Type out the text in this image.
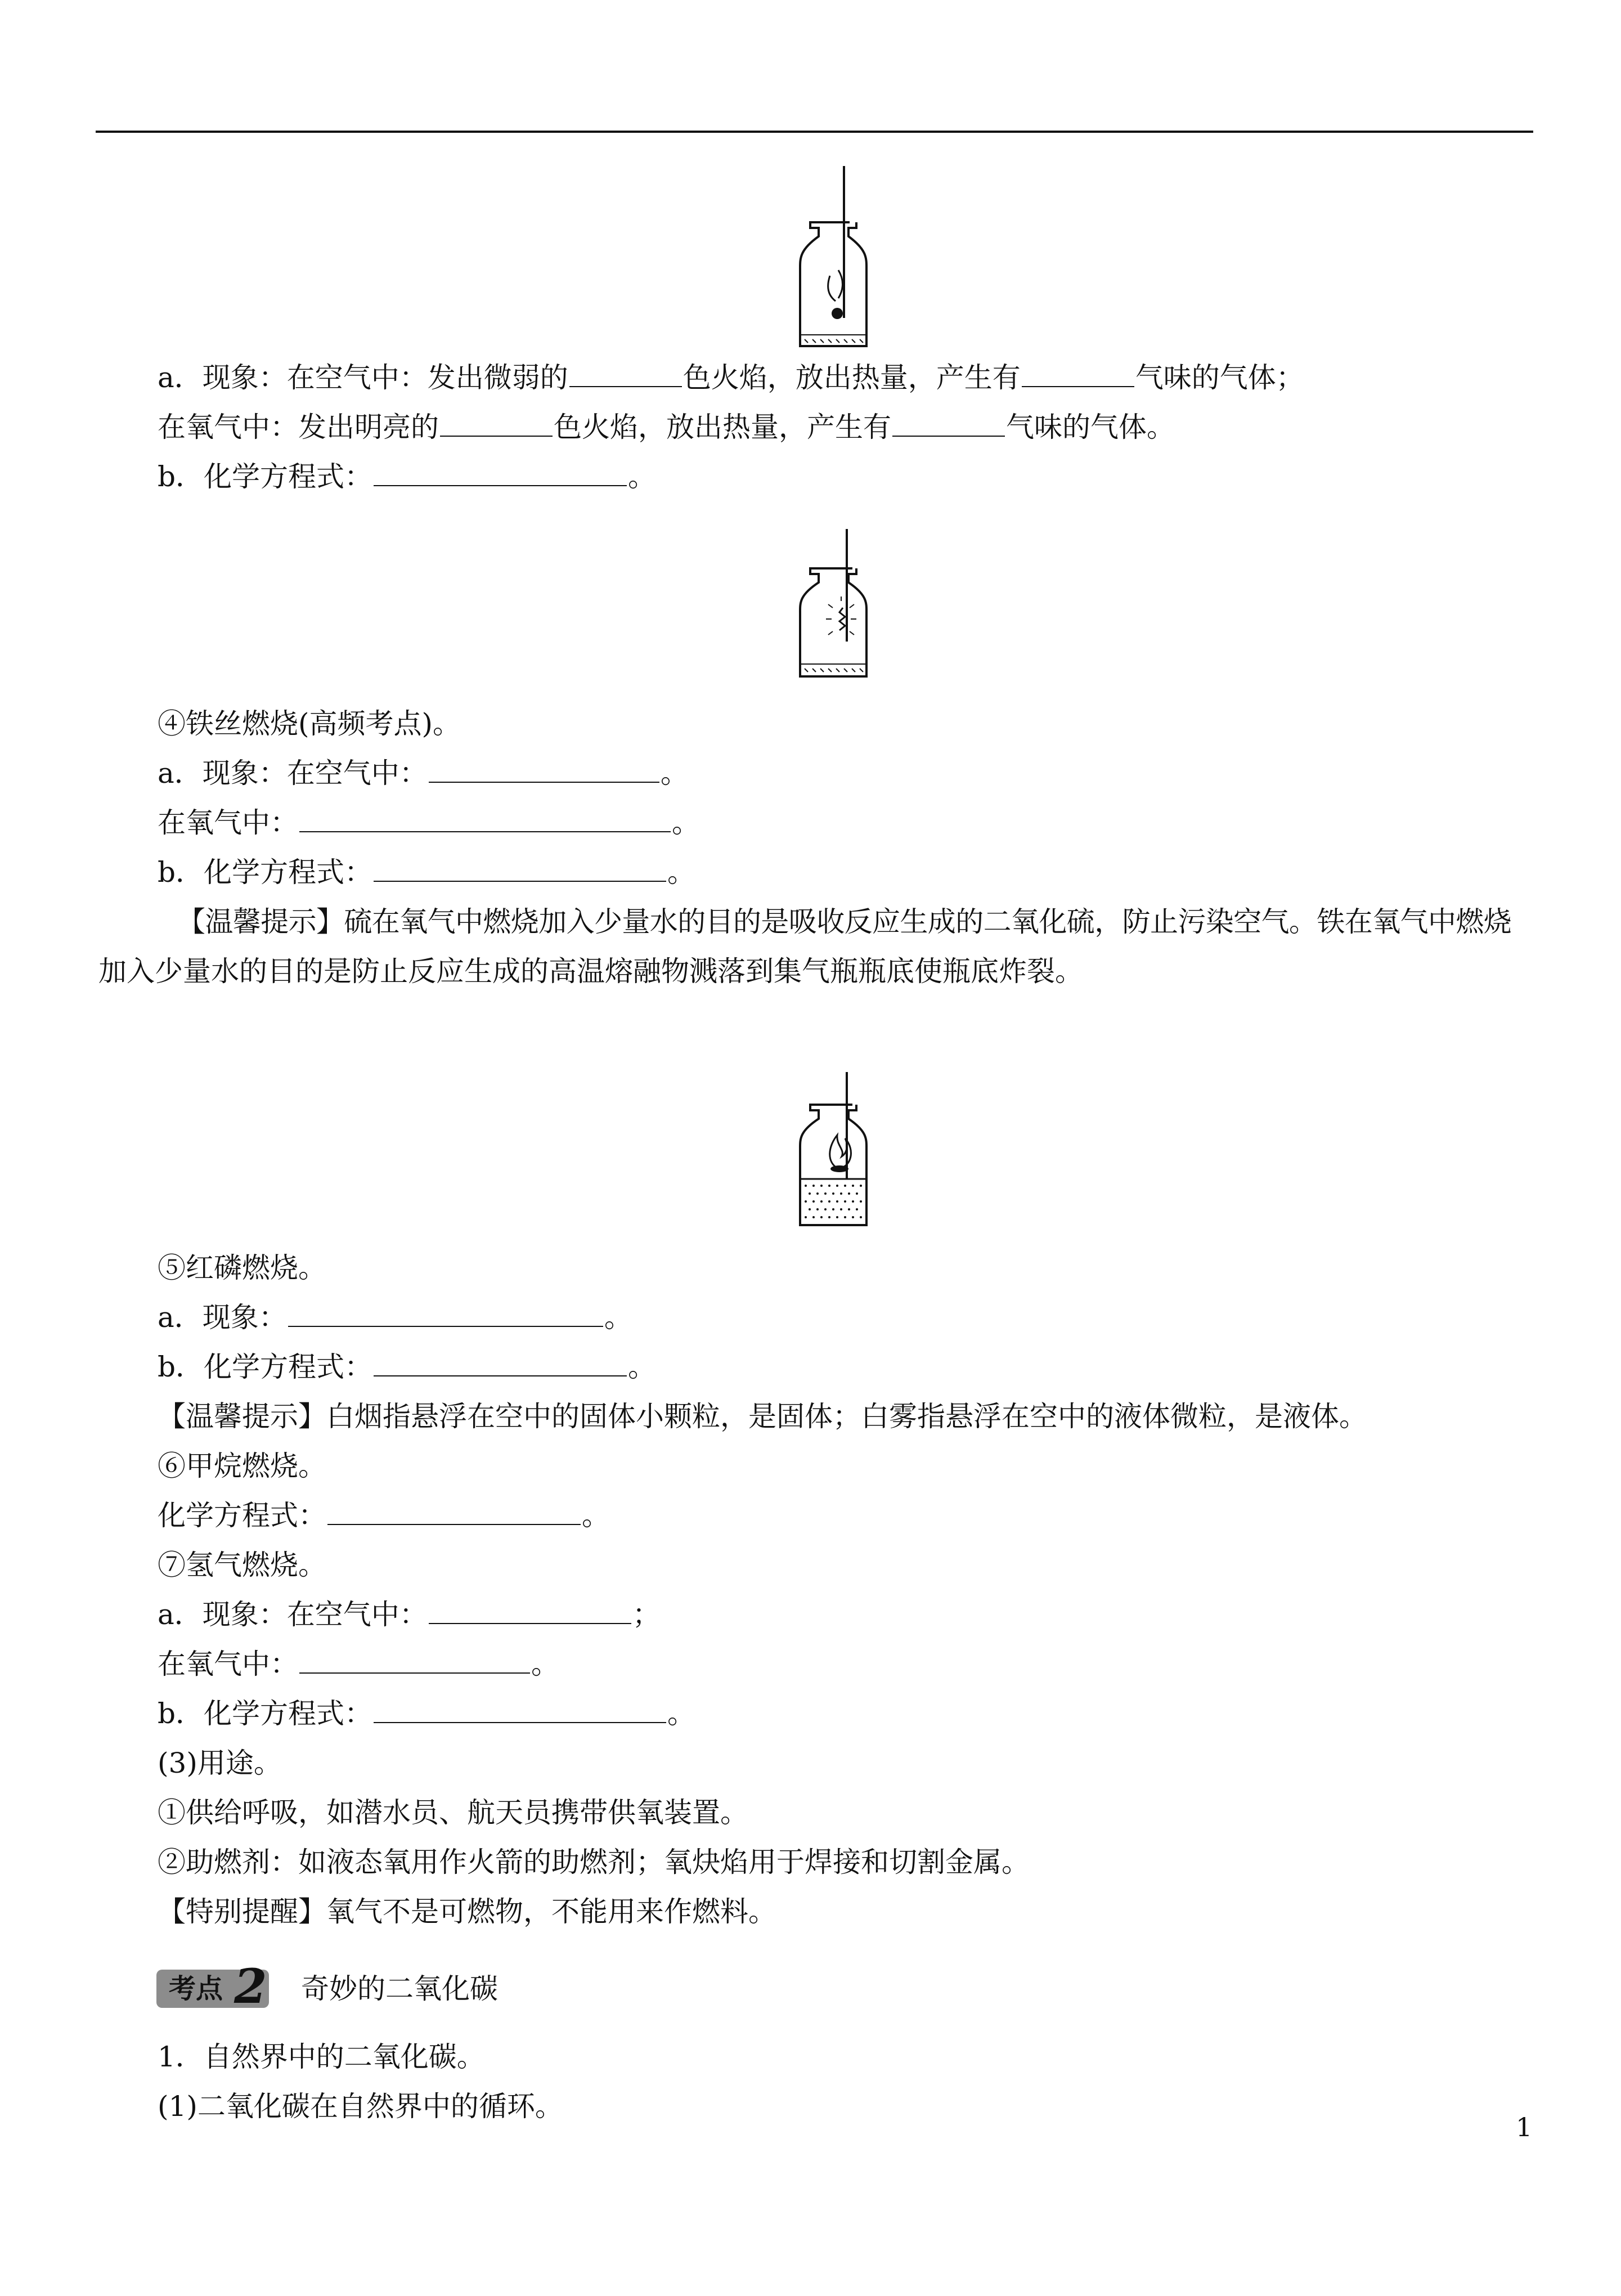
a．现象：在空气中：发出微弱的	色火焰，放出热量，产生有	气味的气体；
在氧气中：发出明亮的	色火焰，放出热量，产生有	气味的气体。
b．化学方程式：	。
④铁丝燃烧(高频考点)。
a．现象：在空气中：	。
在氧气中：	。
b．化学方程式：	。
【温馨提示】硫在氧气中燃烧加入少量水的目的是吸收反应生成的二氧化硫，防止污染空气。铁在氧气中燃烧
加入少量水的目的是防止反应生成的高温熔融物溅落到集气瓶瓶底使瓶底炸裂。
⑤红磷燃烧。
a．现象：	。
b．化学方程式：	。
【温馨提示】白烟指悬浮在空中的固体小颗粒，是固体；白雾指悬浮在空中的液体微粒，是液体。
⑥甲烷燃烧。
化学方程式：	。
⑦氢气燃烧。
a．现象：在空气中：	；
在氧气中：	。
b．化学方程式：	。
(3)用途。
①供给呼吸，如潜水员、航天员携带供氧装置。
②助燃剂：如液态氧用作火箭的助燃剂；氧炔焰用于焊接和切割金属。
【特别提醒】氧气不是可燃物，不能用来作燃料。
考点 2 奇妙的二氧化碳
1．自然界中的二氧化碳。
(1)二氧化碳在自然界中的循环。
1
